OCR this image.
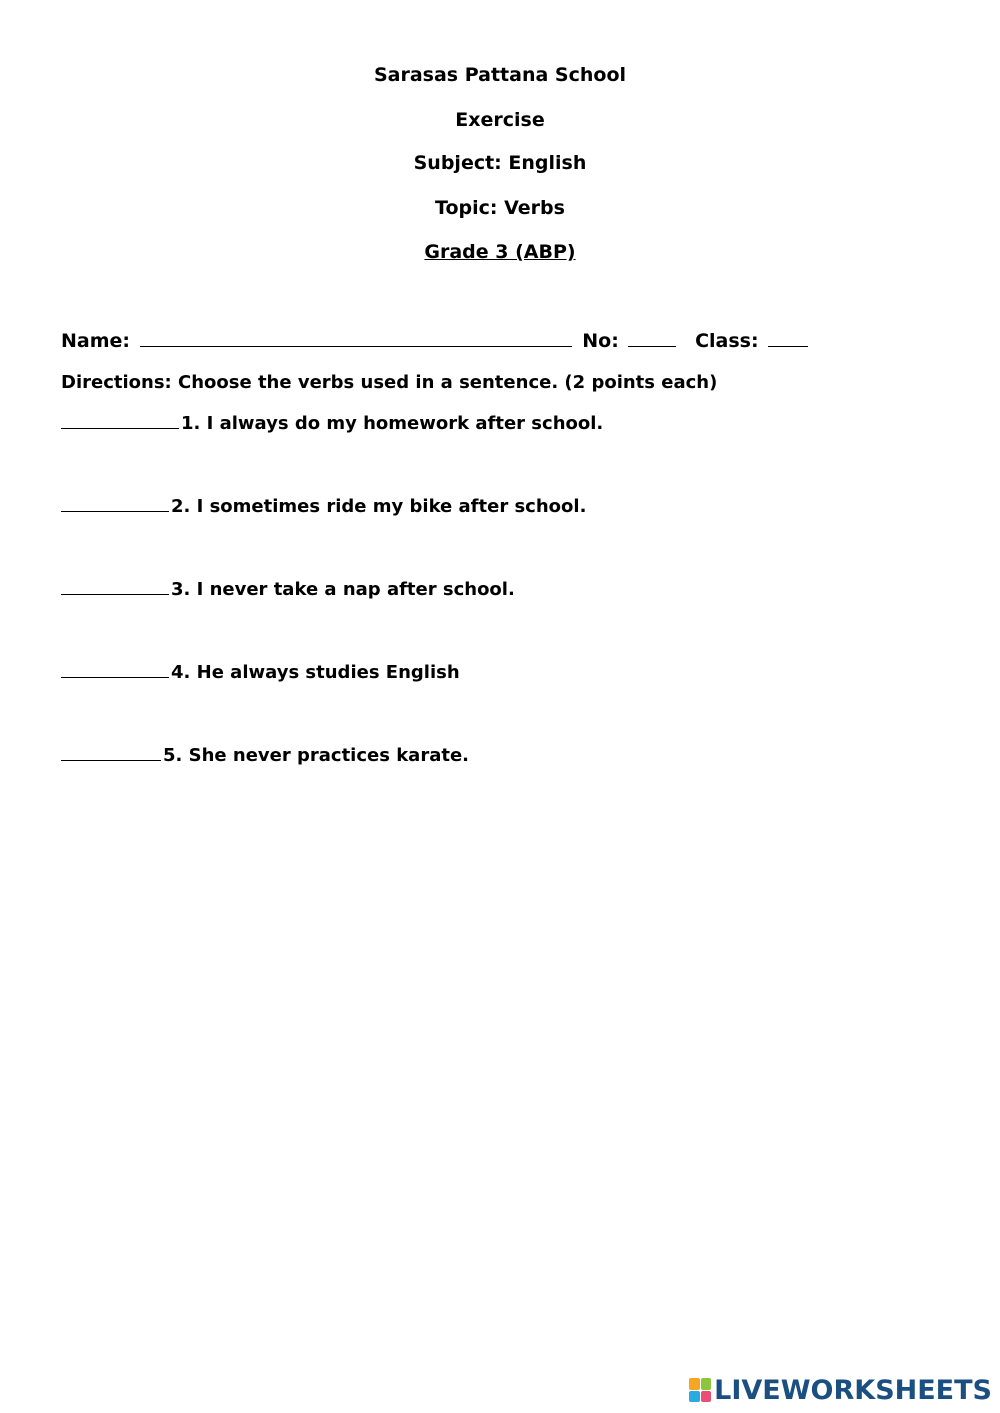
Sarasas Pattana School
Exercise
Subject: English
Topic: Verbs
Grade 3 (ABP)
Name:	No:	Class:
Directions: Choose the verbs used in a sentence. (2 points each)
1. I always do my homework after school.
2. I sometimes ride my bike after school.
3. I never take a nap after school.
4. He always studies English
5. She never practices karate.
LIVEWORKSHEETS
